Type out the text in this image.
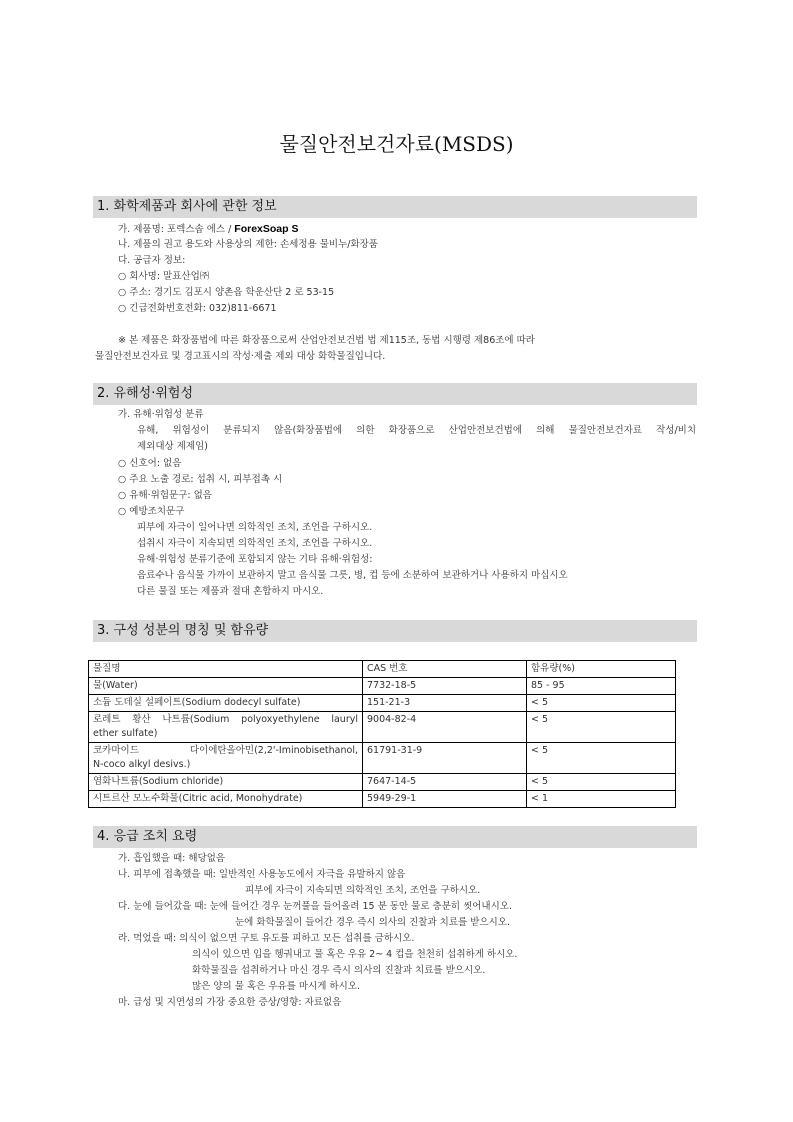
물질안전보건자료(MSDS)
1. 화학제품과 회사에 관한 정보
가. 제품명: 포렉스솝 에스 / ForexSoap S
나. 제품의 권고 용도와 사용상의 제한: 손세정용 물비누/화장품
다. 공급자 정보:
○ 회사명: 말표산업㈜
○ 주소: 경기도 김포시 양촌읍 학운산단 2 로 53-15
○ 긴급전화번호전화: 032)811-6671
※ 본 제품은 화장품법에 따른 화장품으로써 산업안전보건법 법 제115조, 동법 시행령 제86조에 따라
물질안전보건자료 및 경고표시의 작성·제출 제외 대상 화학물질입니다.
2. 유해성·위험성
가. 유해·위험성 분류
유해, 위험성이 분류되지 않음(화장품법에 의한 화장품으로 산업안전보건법에 의해 물질안전보건자료 작성/비치
제외대상 제제임)
○ 신호어: 없음
○ 주요 노출 경로: 섭취 시, 피부접촉 시
○ 유해·위험문구: 없음
○ 예방조치문구
피부에 자극이 일어나면 의학적인 조치, 조언을 구하시오.
섭취시 자극이 지속되면 의학적인 조치, 조언을 구하시오.
유해·위험성 분류기준에 포함되지 않는 기타 유해·위험성:
음료수나 음식물 가까이 보관하지 말고 음식물 그릇, 병, 컵 등에 소분하여 보관하거나 사용하지 마십시오
다른 물질 또는 제품과 절대 혼합하지 마시오.
3. 구성 성분의 명칭 및 함유량
물질명	CAS 번호	함유량(%)
물(Water)	7732-18-5	85 - 95
소듐 도데실 설페이트(Sodium dodecyl sulfate)	151-21-3	< 5

로레트 황산 나트륨(Sodium polyoxyethylene lauryl
ether sulfate)	9004-82-4	< 5

코카마이드 다이에탄올아민(2,2'-Iminobisethanol,
N-coco alkyl desivs.)	61791-31-9	< 5
염화나트륨(Sodium chloride)	7647-14-5	< 5
시트르산 모노수화물(Citric acid, Monohydrate)	5949-29-1	< 1
4. 응급 조치 요령
가. 흡입했을 때: 해당없음
나. 피부에 접촉했을 때: 일반적인 사용농도에서 자극을 유발하지 않음
피부에 자극이 지속되면 의학적인 조치, 조언을 구하시오.
다. 눈에 들어갔을 때: 눈에 들어간 경우 눈꺼풀을 들어올려 15 분 동안 물로 충분히 씻어내시오.
눈에 화학물질이 들어간 경우 즉시 의사의 진찰과 치료를 받으시오.
라. 먹었을 때: 의식이 없으면 구토 유도를 피하고 모든 섭취를 금하시오.
의식이 있으면 입을 헹궈내고 물 혹은 우유 2~ 4 컵을 천천히 섭취하게 하시오.
화학물질을 섭취하거나 마신 경우 즉시 의사의 진찰과 치료를 받으시오.
많은 양의 물 혹은 우유를 마시게 하시오.
마. 급성 및 지연성의 가장 중요한 증상/영향: 자료없음
